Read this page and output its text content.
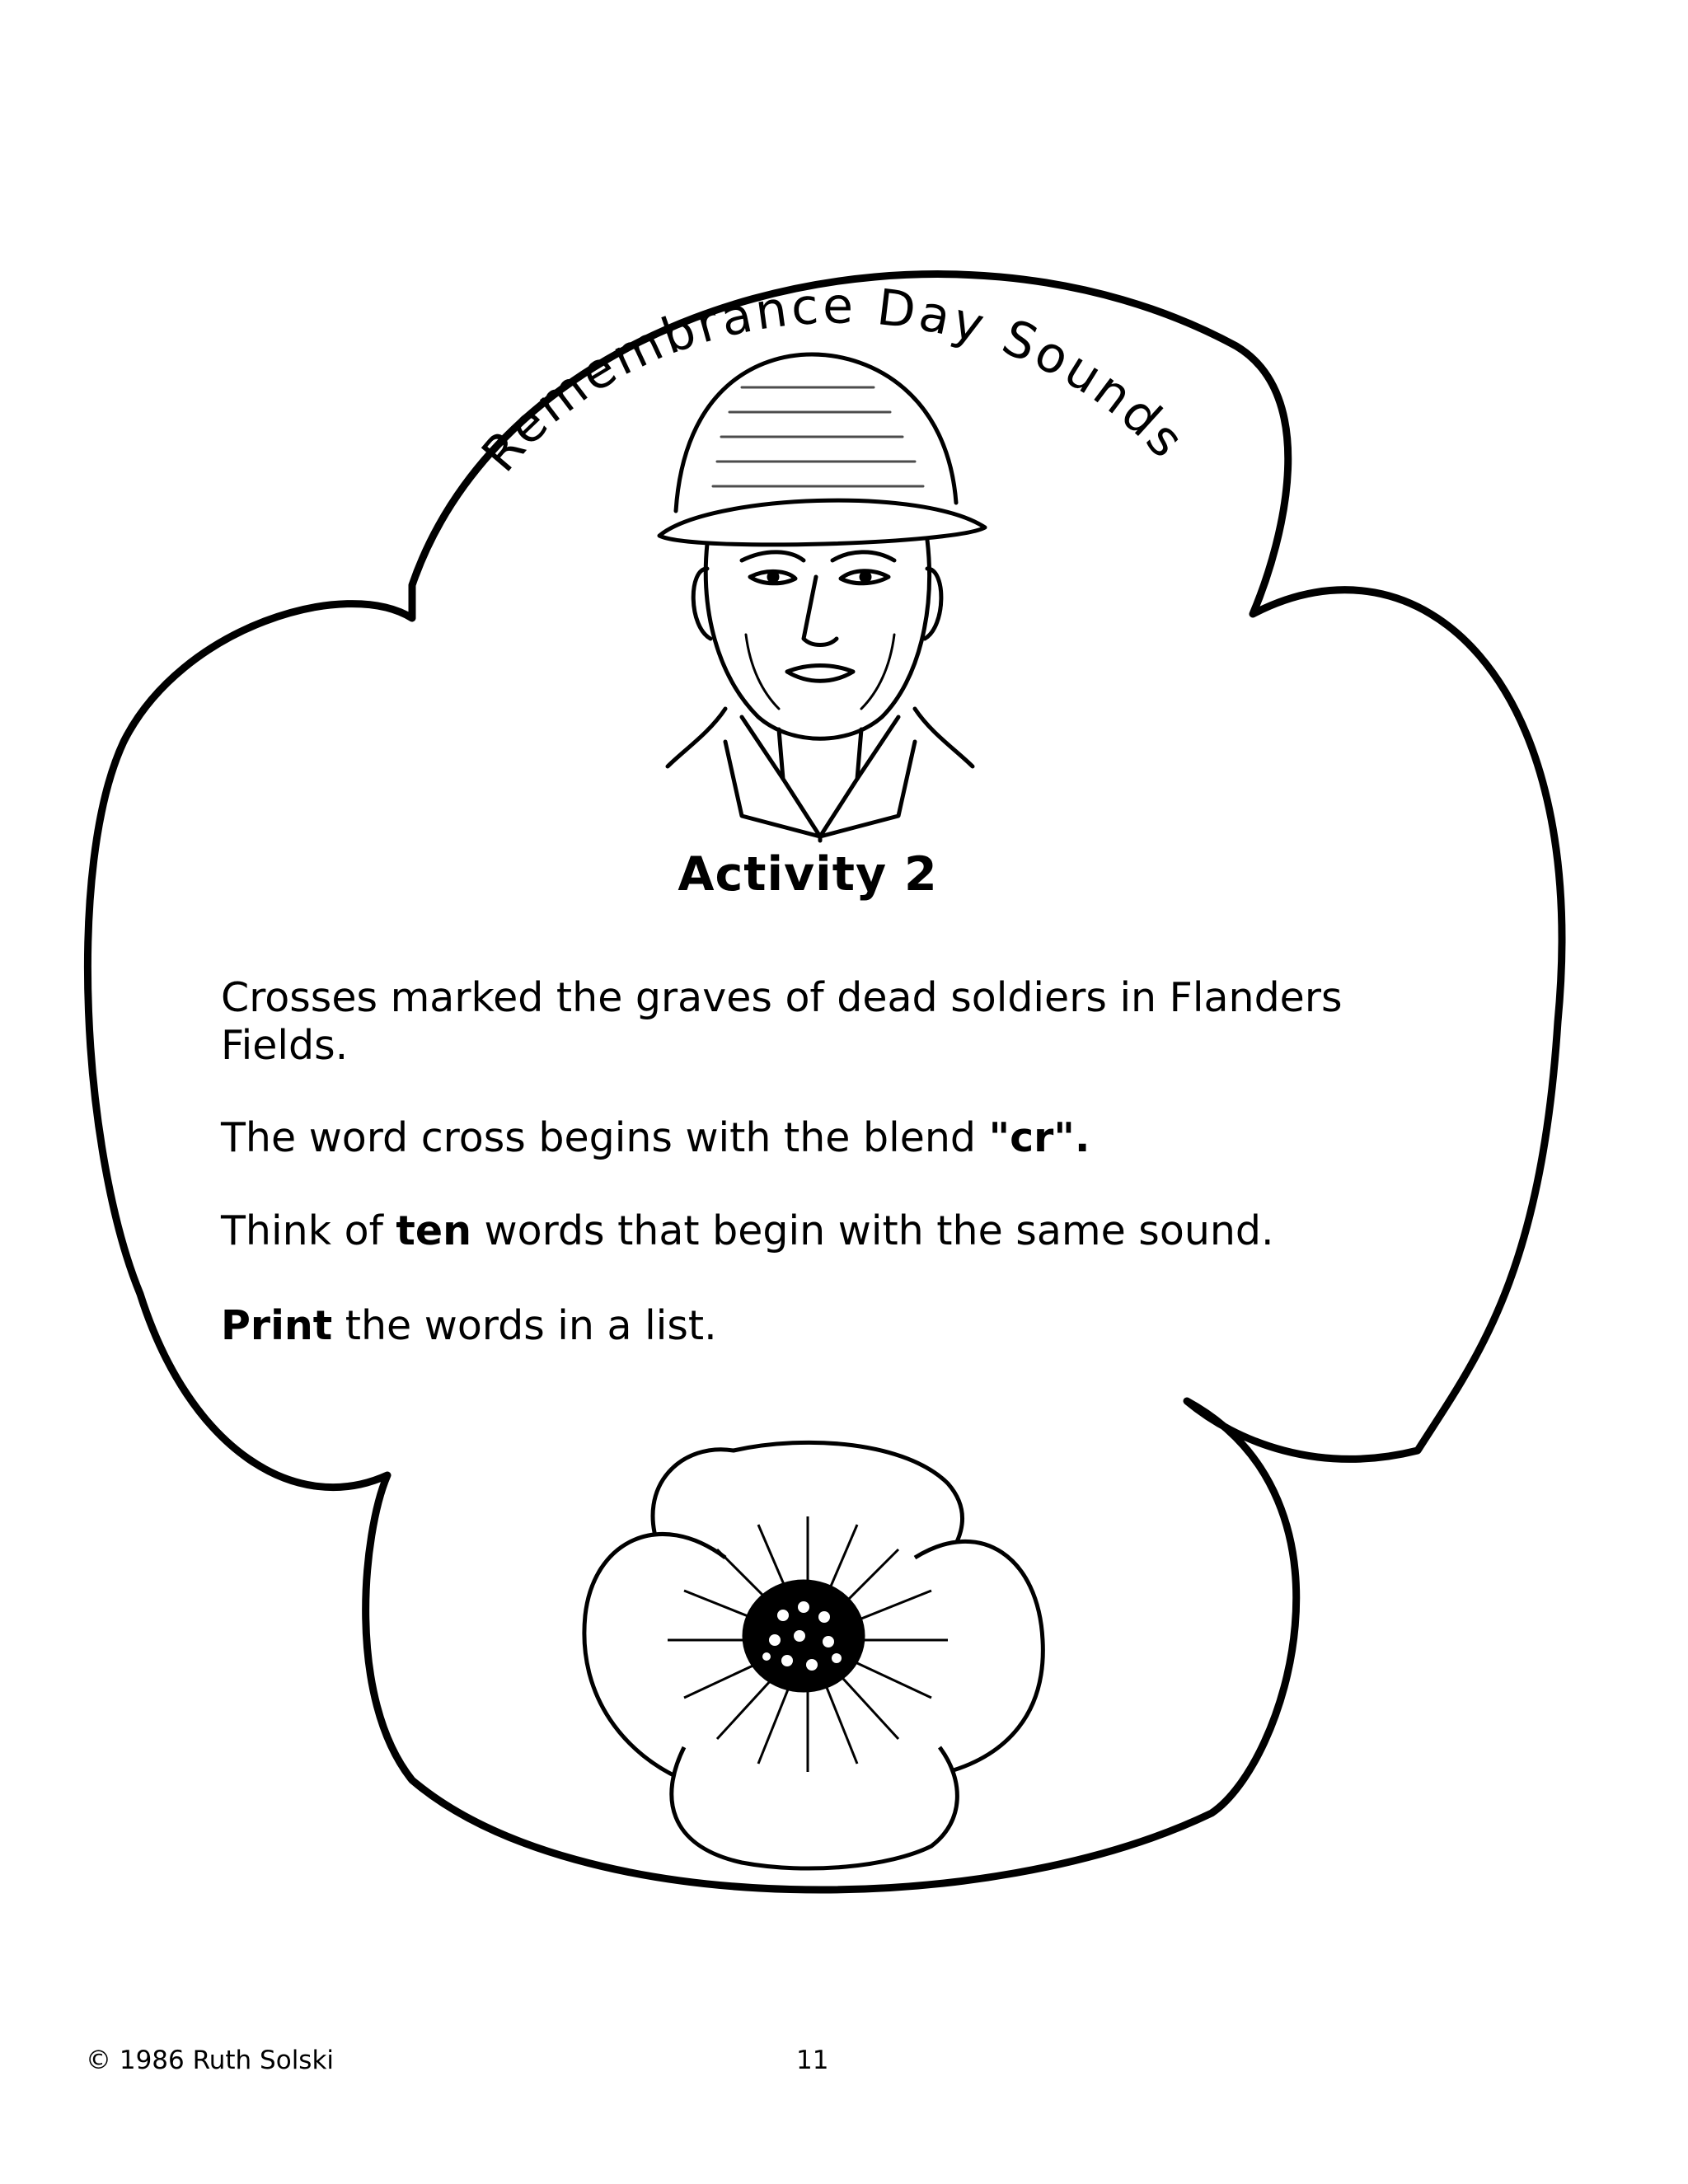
Remembrance Day Sounds

Activity 2

Crosses marked the graves of dead soldiers in Flanders Fields.

The word cross begins with the blend "cr".

Think of ten words that begin with the same sound.

Print the words in a list.

© 1986 Ruth Solski	11
